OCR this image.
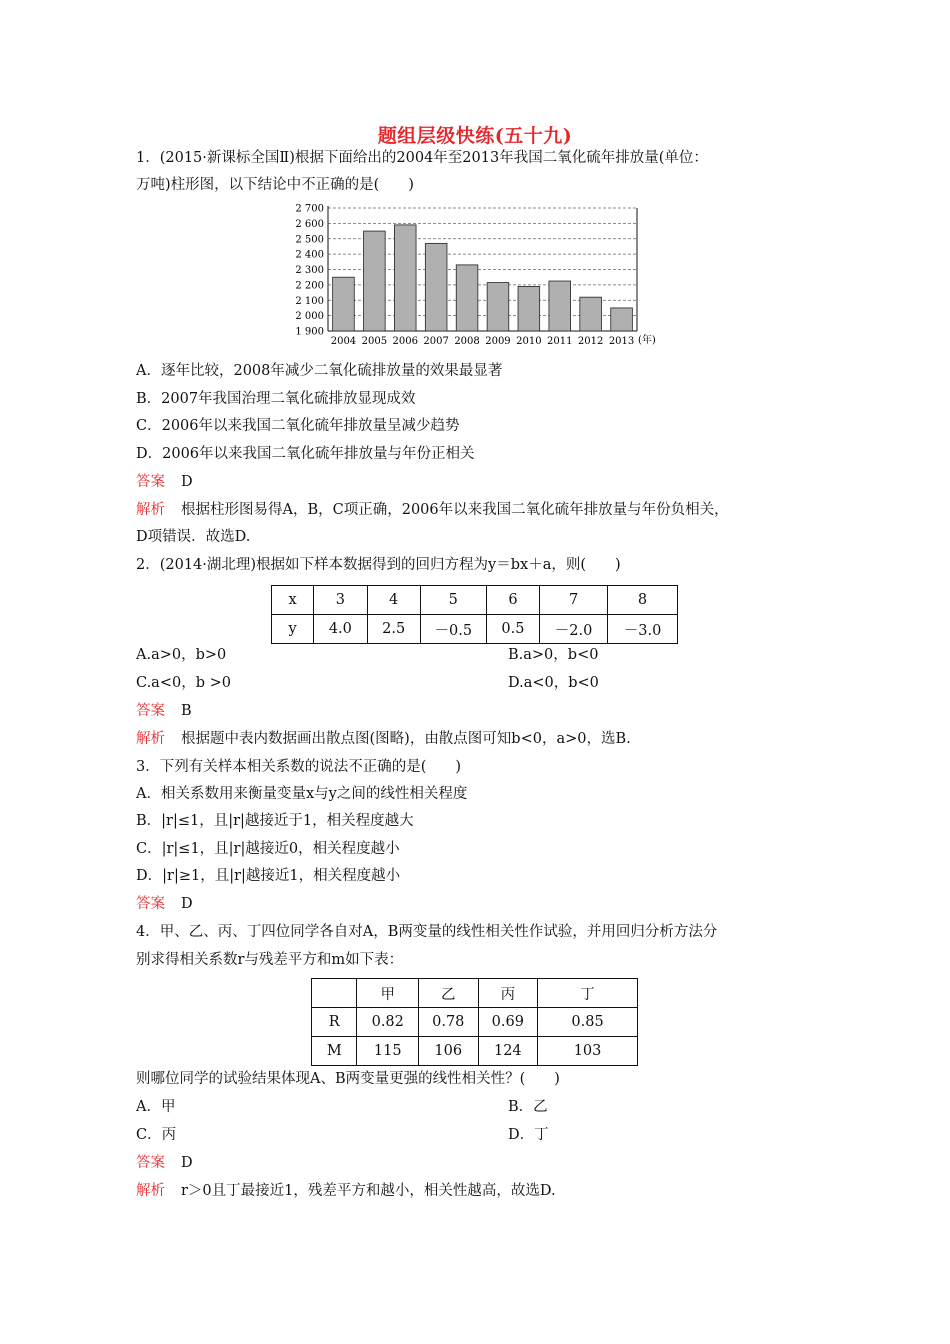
题组层级快练(五十九)
1．(2015·新课标全国Ⅱ)根据下面给出的2004年至2013年我国二氧化硫年排放量(单位：
万吨)柱形图，以下结论中不正确的是(　　)
1 900
2 000
2 100
2 200
2 300
2 400
2 500
2 600
2 700
2004 2005 2006 2007 2008 2009 2010 2011 2012 2013 (年)
A．逐年比较，2008年减少二氧化硫排放量的效果最显著
B．2007年我国治理二氧化硫排放显现成效
C．2006年以来我国二氧化硫年排放量呈减少趋势
D．2006年以来我国二氧化硫年排放量与年份正相关
答案 D
解析 根据柱形图易得A，B，C项正确，2006年以来我国二氧化硫年排放量与年份负相关，
D项错误．故选D.
2．(2014·湖北理)根据如下样本数据得到的回归方程为y＝bx＋a，则(　　)
x	3	4	5	6	7	8
y	4.0	2.5	－0.5	0.5	－2.0	－3.0
A.a>0，b>0	B.a>0，b<0
C.a<0，b >0	D.a<0，b<0
答案 B
解析 根据题中表内数据画出散点图(图略)，由散点图可知b<0，a>0，选B.
3．下列有关样本相关系数的说法不正确的是(　　)
A．相关系数用来衡量变量x与y之间的线性相关程度
B．|r|≤1，且|r|越接近于1，相关程度越大
C．|r|≤1，且|r|越接近0，相关程度越小
D．|r|≥1，且|r|越接近1，相关程度越小
答案 D
4．甲、乙、丙、丁四位同学各自对A，B两变量的线性相关性作试验，并用回归分析方法分
别求得相关系数r与残差平方和m如下表：
	甲	乙	丙	丁
R	0.82	0.78	0.69	0.85
M	115	106	124	103
则哪位同学的试验结果体现A、B两变量更强的线性相关性？(　　)
A．甲	B．乙
C．丙	D．丁
答案 D
解析 r＞0且丁最接近1，残差平方和越小，相关性越高，故选D.
